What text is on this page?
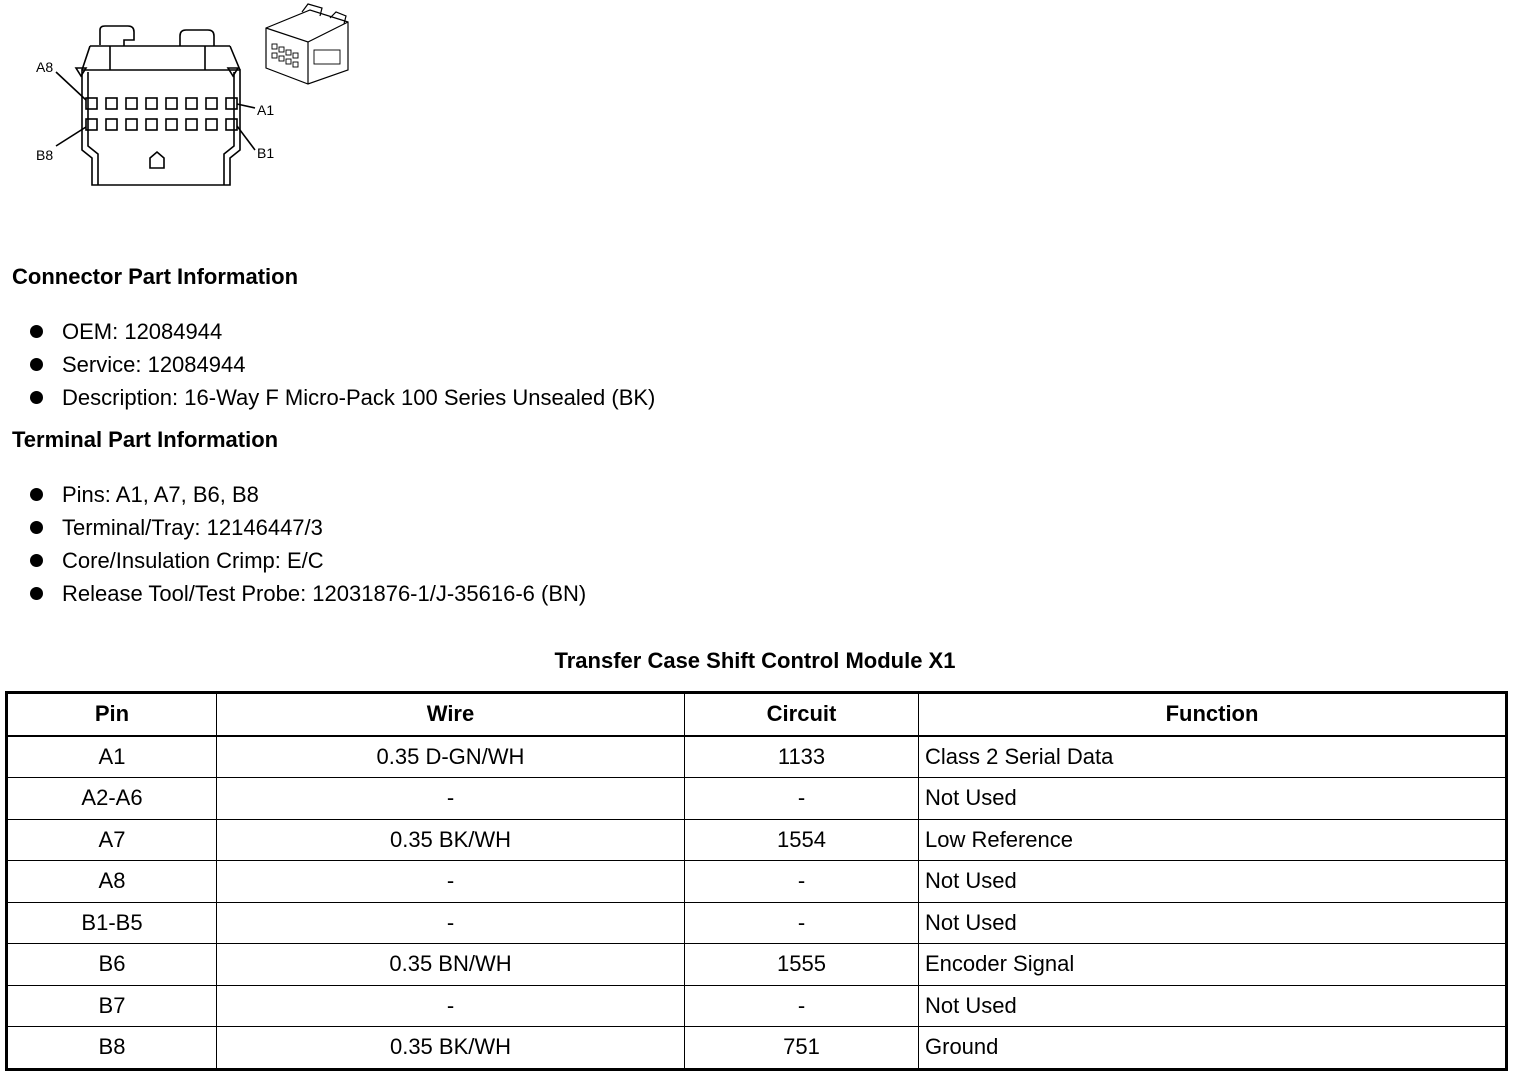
A8
A1
B8	B1
Connector Part Information
OEM: 12084944
Service: 12084944
Description: 16-Way F Micro-Pack 100 Series Unsealed (BK)
Terminal Part Information
Pins: A1, A7, B6, B8
Terminal/Tray: 12146447/3
Core/Insulation Crimp: E/C
Release Tool/Test Probe: 12031876-1/J-35616-6 (BN)
Transfer Case Shift Control Module X1
Pin	Wire	Circuit	Function
A1	0.35 D-GN/WH	1133	Class 2 Serial Data
A2-A6	-	-	Not Used
A7	0.35 BK/WH	1554	Low Reference
A8	-	-	Not Used
B1-B5	-	-	Not Used
B6	0.35 BN/WH	1555	Encoder Signal
B7	-	-	Not Used
B8	0.35 BK/WH	751	Ground
